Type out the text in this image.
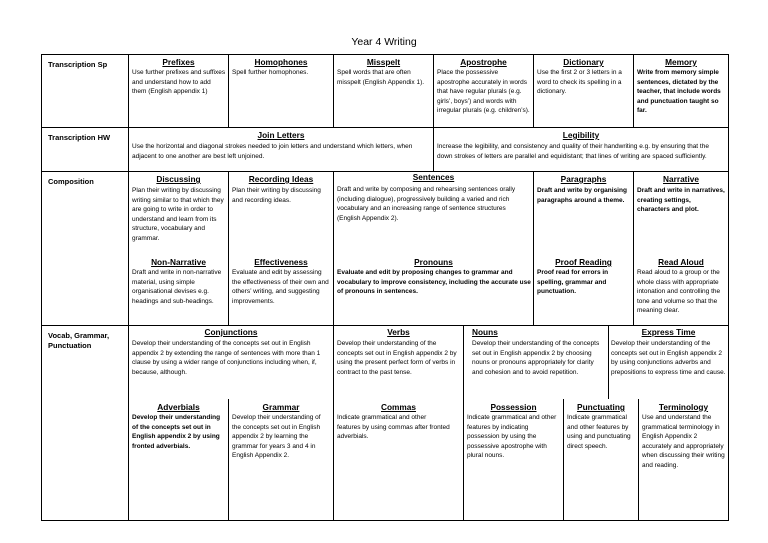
Year 4 Writing
Transcription Sp
Transcription HW
Composition
Vocab, Grammar, Punctuation
Prefixes
Use further prefixes and suffixes and understand how to add them (English appendix 1)
Homophones
Spell further homophones.
Misspelt
Spell words that are often misspelt (English Appendix 1).
Apostrophe
Place the possessive apostrophe accurately in words that have regular plurals (e.g. girls’, boys’) and words with irregular plurals (e.g. children’s).
Dictionary
Use the first 2 or 3 letters in a word to check its spelling in a dictionary.
Memory
Write from memory simple sentences, dictated by the teacher, that include words and punctuation taught so far.
Join Letters
Use the horizontal and diagonal strokes needed to join letters and understand which letters, when adjacent to one another are best left unjoined.
Legibility
Increase the legibility, and consistency and quality of their handwriting e.g. by ensuring that the down strokes of letters are parallel and equidistant; that lines of writing are spaced sufficiently.
Discussing
Plan their writing by discussing writing similar to that which they are going to write in order to understand and learn from its structure, vocabulary and grammar.
Recording Ideas
Plan their writing by discussing and recording ideas.
Sentences
Draft and write by composing and rehearsing sentences orally (including dialogue), progressively building a varied and rich vocabulary and an increasing range of sentence structures (English Appendix 2).
Paragraphs
Draft and write by organising paragraphs around a theme.
Narrative
Draft and write in narratives, creating settings, characters and plot.
Non-Narrative
Draft and write in non-narrative material, using simple organisational devises e.g. headings and sub-headings.
Effectiveness
Evaluate and edit by assessing the effectiveness of their own and others’ writing, and suggesting improvements.
Pronouns
Evaluate and edit by proposing changes to grammar and vocabulary to improve consistency, including the accurate use of pronouns in sentences.
Proof Reading
Proof read for errors in spelling, grammar and punctuation.
Read Aloud
Read aloud to a group or the whole class with appropriate intonation and controlling the tone and volume so that the meaning clear.
Conjunctions
Develop their understanding of the concepts set out in English appendix 2 by extending the range of sentences with more than 1 clause by using a wider range of conjunctions including when, if, because, although.
Verbs
Develop their understanding of the concepts set out in English appendix 2 by using the present perfect form of verbs in contract to the past tense.
Nouns
Develop their understanding of the concepts set out in English appendix 2 by choosing nouns or pronouns appropriately for clarity and cohesion and to avoid repetition.
Express Time
Develop their understanding of the concepts set out in English appendix 2 by using conjunctions adverbs and prepositions to express time and cause.
Adverbials
Develop their understanding of the concepts set out in English appendix 2 by using fronted adverbials.
Grammar
Develop their understanding of the concepts set out in English appendix 2 by learning the grammar for years 3 and 4 in English Appendix 2.
Commas
Indicate grammatical and other features by using commas after fronted adverbials.
Possession
Indicate grammatical and other features by indicating possession by using the possessive apostrophe with plural nouns.
Punctuating
Indicate grammatical and other features by using and punctuating direct speech.
Terminology
Use and understand the grammatical terminology in English Appendix 2 accurately and appropriately when discussing their writing and reading.
